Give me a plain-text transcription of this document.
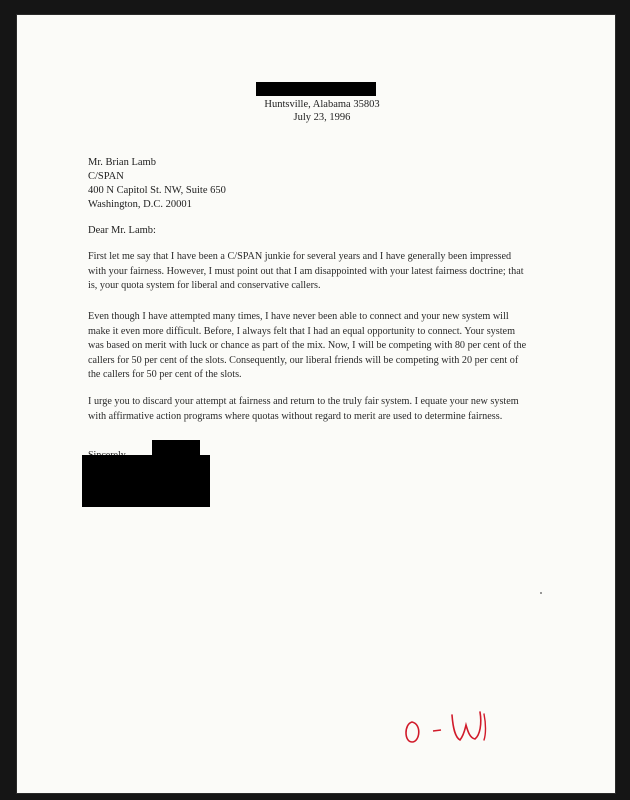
Huntsville, Alabama 35803
July 23, 1996
Mr. Brian Lamb
C/SPAN
400 N Capitol St. NW, Suite 650
Washington, D.C. 20001
Dear Mr. Lamb:

First let me say that I have been a C/SPAN junkie for several years and I have generally been impressed with your fairness. However, I must point out that I am disappointed with your latest fairness doctrine; that is, your quota system for liberal and conservative callers.

Even though I have attempted many times, I have never been able to connect and your new system will make it even more difficult. Before, I always felt that I had an equal opportunity to connect. Your system was based on merit with luck or chance as part of the mix. Now, I will be competing with 80 per cent of the callers for 50 per cent of the slots. Consequently, our liberal friends will be competing with 20 per cent of the callers for 50 per cent of the slots.

I urge you to discard your attempt at fairness and return to the truly fair system. I equate your new system with affirmative action programs where quotas without regard to merit are used to determine fairness.
